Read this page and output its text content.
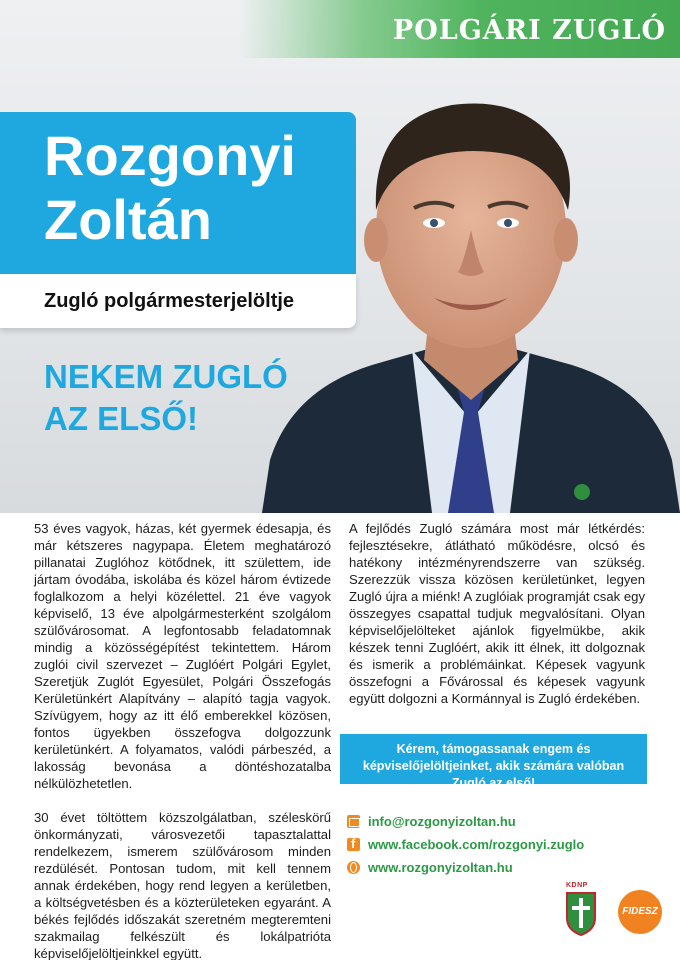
POLGÁRI ZUGLÓ
Rozgonyi
Zoltán
Zugló polgármesterjelöltje
NEKEM ZUGLÓ
AZ ELSŐ!

53 éves vagyok, házas, két gyermek édesapja, és már kétszeres nagypapa. Életem meghatározó pillanatai Zuglóhoz kötődnek, itt születtem, ide jártam óvodába, iskolába és közel három évtizede foglalkozom a helyi közélettel. 21 éve vagyok képviselő, 13 éve alpolgármesterként szolgálom szülővárosomat. A legfontosabb feladatomnak mindig a közösségépítést tekintettem. Három zuglói civil szervezet – Zuglóért Polgári Egylet, Szeretjük Zuglót Egyesület, Polgári Összefogás Kerületünkért Alapítvány – alapító tagja vagyok. Szívügyem, hogy az itt élő emberekkel közösen, fontos ügyekben összefogva dolgozzunk kerületünkért. A folyamatos, valódi párbeszéd, a lakosság bevonása a döntéshozatalba nélkülözhetetlen.

30 évet töltöttem közszolgálatban, széleskörű önkormányzati, városvezetői tapasztalattal rendelkezem, ismerem szülővárosom minden rezdülését. Pontosan tudom, mit kell tennem annak érdekében, hogy rend legyen a kerületben, a költségvetésben és a közterületeken egyaránt. A békés fejlődés időszakát szeretném megteremteni szakmailag felkészült és lokálpatrióta képviselőjelöltjeinkkel együtt.

A fejlődés Zugló számára most már létkérdés: fejlesztésekre, átlátható működésre, olcsó és hatékony intézményrendszerre van szükség. Szerezzük vissza közösen kerületünket, legyen Zugló újra a miénk! A zuglóiak programját csak egy összegyes csapattal tudjuk megvalósítani. Olyan képviselőjelölteket ajánlok figyelmükbe, akik készek tenni Zuglóért, akik itt élnek, itt dolgoznak és ismerik a problémáinkat. Képesek vagyunk összefogni a Fővárossal és képesek vagyunk együtt dolgozni a Kormánnyal is Zugló érdekében.

Kérem, támogassanak engem és képviselőjelöltjeinket, akik számára valóban Zugló az első!
info@rozgonyizoltan.hu
f
www.facebook.com/rozgonyi.zuglo
www.rozgonyizoltan.hu
KDNP
FIDESZ
